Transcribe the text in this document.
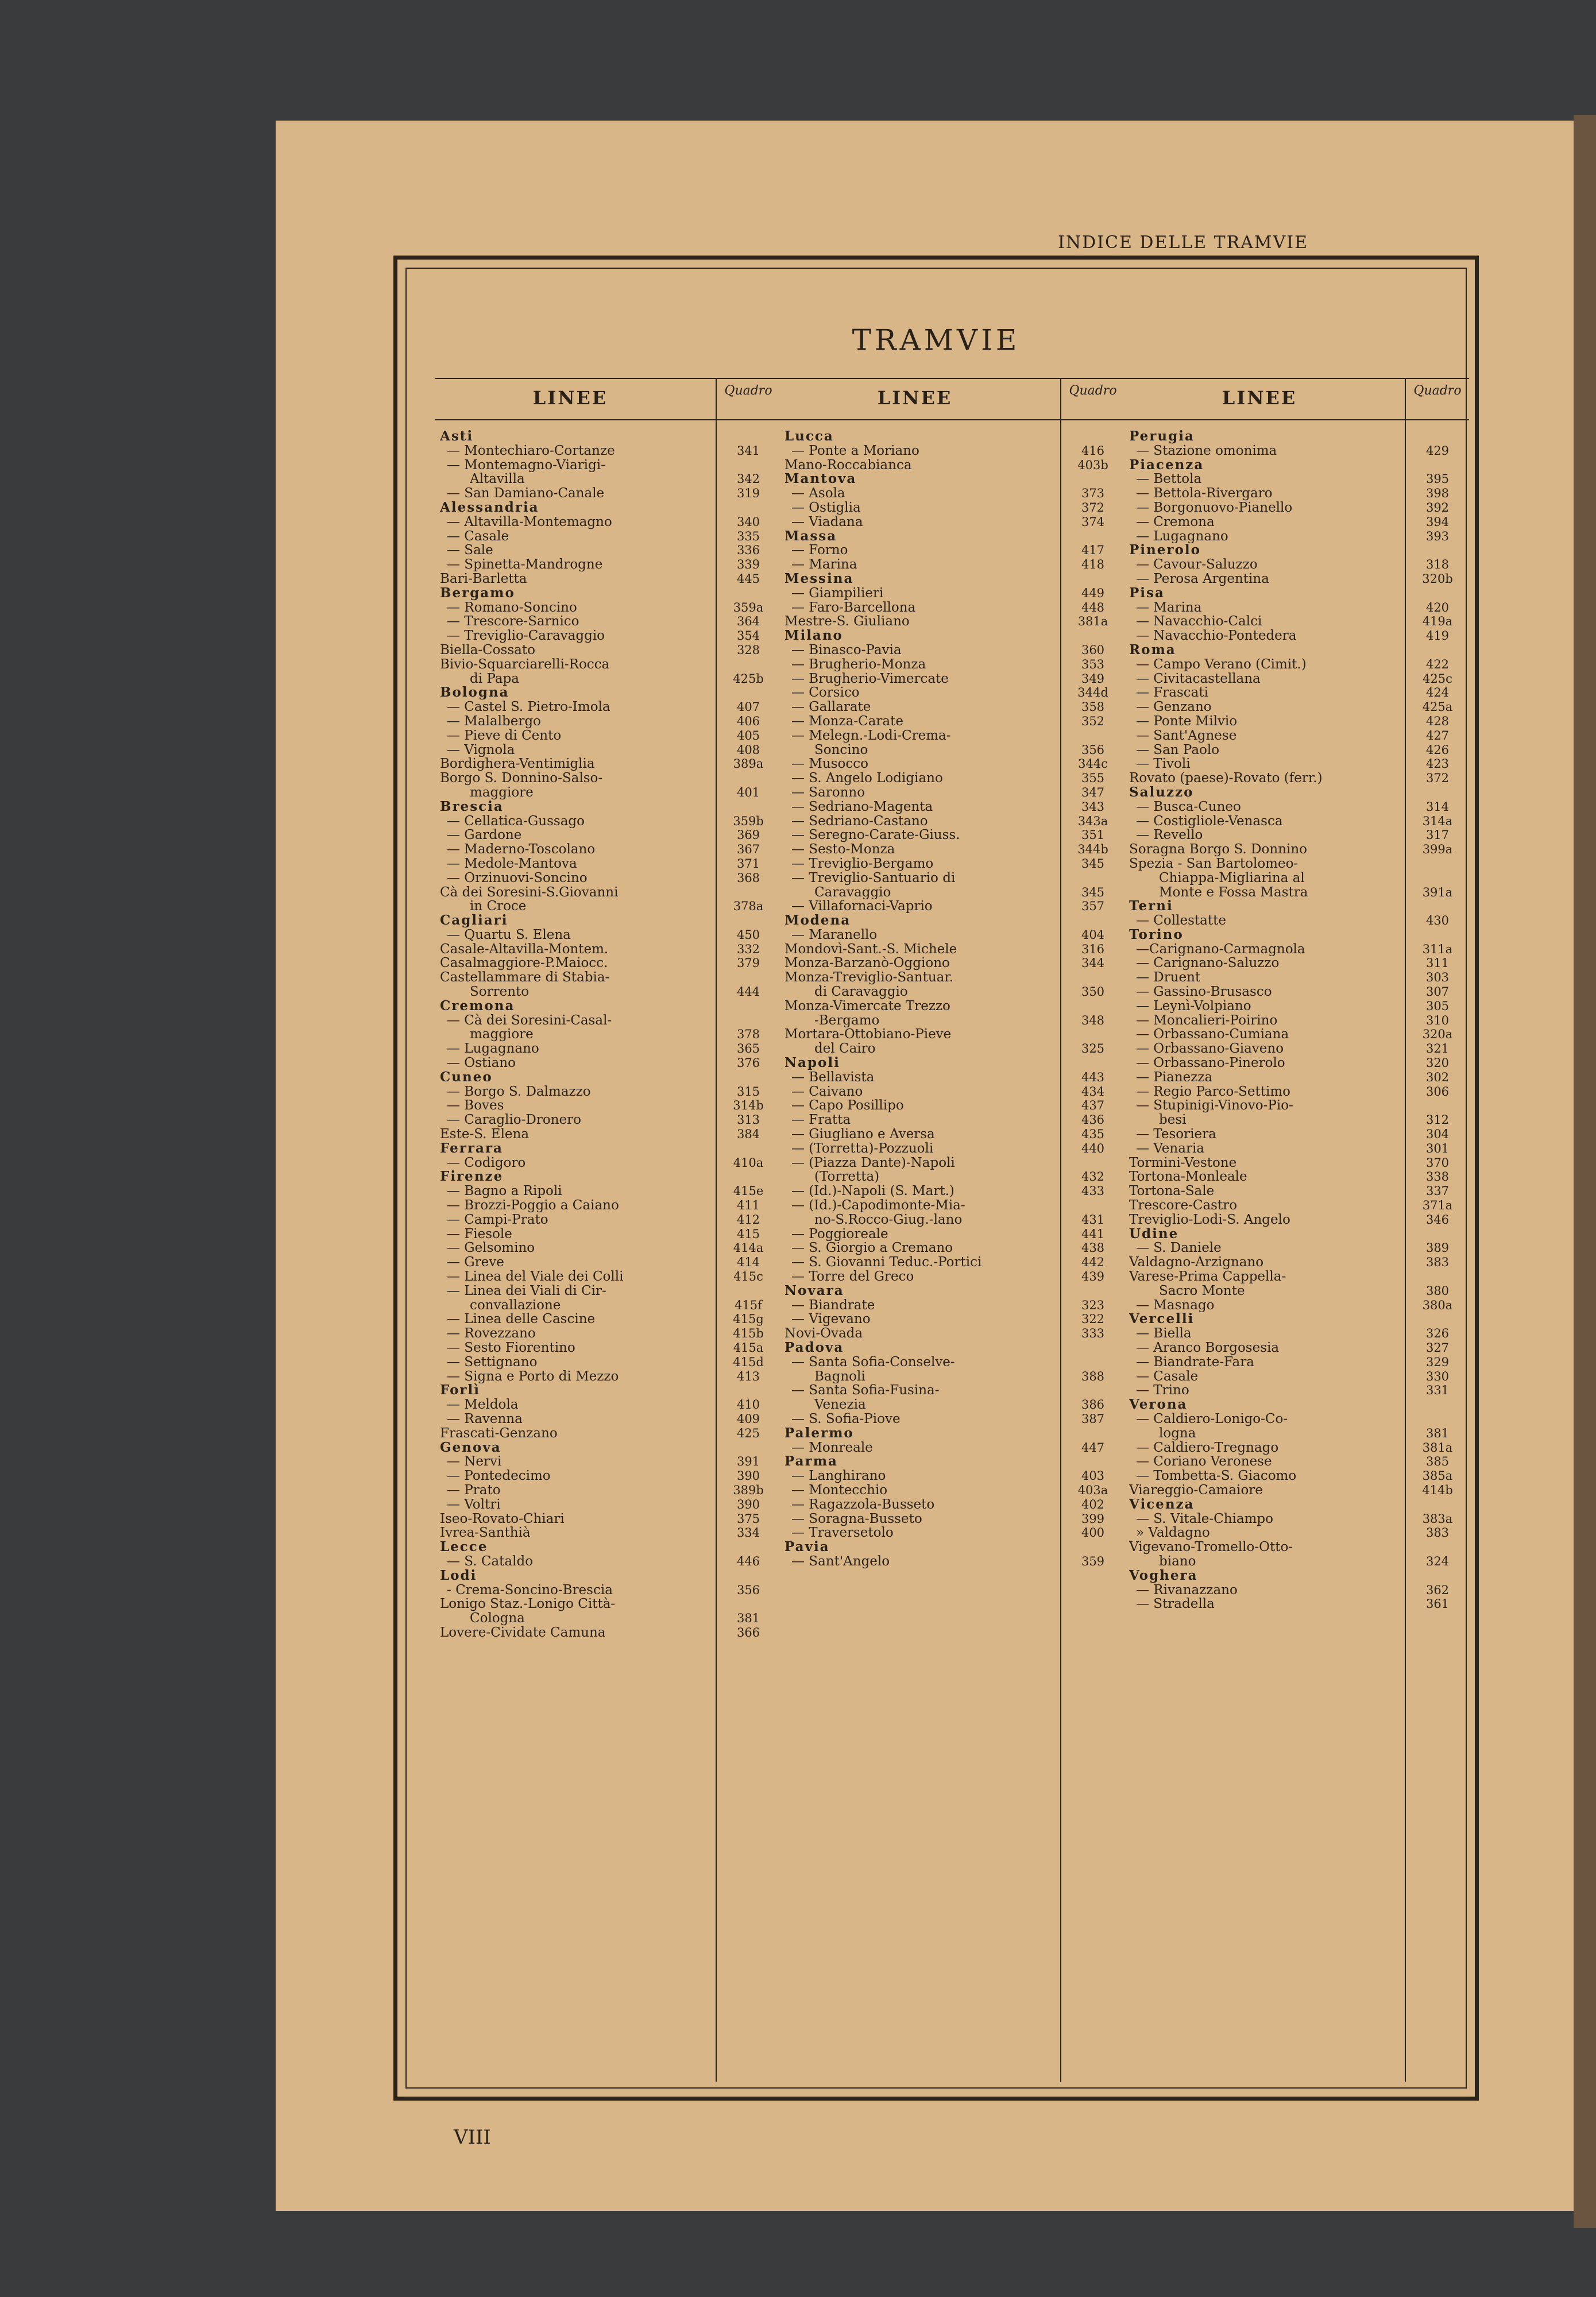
INDICE DELLE TRAMVIE
TRAMVIE
LINEE	Quadro
Asti
— Montechiaro-Cortanze	341
— Montemagno-Viarigi-
Altavilla	342
— San Damiano-Canale	319
Alessandria
— Altavilla-Montemagno	340
— Casale	335
— Sale	336
— Spinetta-Mandrogne	339
Bari-Barletta	445
Bergamo
— Romano-Soncino	359a
— Trescore-Sarnico	364
— Treviglio-Caravaggio	354
Biella-Cossato	328
Bivio-Squarciarelli-Rocca
di Papa	425b
Bologna
— Castel S. Pietro-Imola	407
— Malalbergo	406
— Pieve di Cento	405
— Vignola	408
Bordighera-Ventimiglia	389a
Borgo S. Donnino-Salso-
maggiore	401
Brescia
— Cellatica-Gussago	359b
— Gardone	369
— Maderno-Toscolano	367
— Medole-Mantova	371
— Orzinuovi-Soncino	368
Cà dei Soresini-S.Giovanni
in Croce	378a
Cagliari
— Quartu S. Elena	450
Casale-Altavilla-Montem.	332
Casalmaggiore-P.Maiocc.	379
Castellammare di Stabia-
Sorrento	444
Cremona
— Cà dei Soresini-Casal-
maggiore	378
— Lugagnano	365
— Ostiano	376
Cuneo
— Borgo S. Dalmazzo	315
— Boves	314b
— Caraglio-Dronero	313
Este-S. Elena	384
Ferrara
— Codigoro	410a
Firenze
— Bagno a Ripoli	415e
— Brozzi-Poggio a Caiano	411
— Campi-Prato	412
— Fiesole	415
— Gelsomino	414a
— Greve	414
— Linea del Viale dei Colli	415c
— Linea dei Viali di Cir-
convallazione	415f
— Linea delle Cascine	415g
— Rovezzano	415b
— Sesto Fiorentino	415a
— Settignano	415d
— Signa e Porto di Mezzo	413
Forlì
— Meldola	410
— Ravenna	409
Frascati-Genzano	425
Genova
— Nervi	391
— Pontedecimo	390
— Prato	389b
— Voltri	390
Iseo-Rovato-Chiari	375
Ivrea-Santhià	334
Lecce
— S. Cataldo	446
Lodi
- Crema-Soncino-Brescia	356
Lonigo Staz.-Lonigo Città-
Cologna	381
Lovere-Cividate Camuna	366
LINEE	Quadro
Lucca
— Ponte a Moriano	416
Mano-Roccabianca	403b
Mantova
— Asola	373
— Ostiglia	372
— Viadana	374
Massa
— Forno	417
— Marina	418
Messina
— Giampilieri	449
— Faro-Barcellona	448
Mestre-S. Giuliano	381a
Milano
— Binasco-Pavia	360
— Brugherio-Monza	353
— Brugherio-Vimercate	349
— Corsico	344d
— Gallarate	358
— Monza-Carate	352
— Melegn.-Lodi-Crema-
Soncino	356
— Musocco	344c
— S. Angelo Lodigiano	355
— Saronno	347
— Sedriano-Magenta	343
— Sedriano-Castano	343a
— Seregno-Carate-Giuss.	351
— Sesto-Monza	344b
— Treviglio-Bergamo	345
— Treviglio-Santuario di
Caravaggio	345
— Villafornaci-Vaprio	357
Modena
— Maranello	404
Mondovì-Sant.-S. Michele	316
Monza-Barzanò-Oggiono	344
Monza-Treviglio-Santuar.
di Caravaggio	350
Monza-Vimercate Trezzo
-Bergamo	348
Mortara-Ottobiano-Pieve
del Cairo	325
Napoli
— Bellavista	443
— Caivano	434
— Capo Posillipo	437
— Fratta	436
— Giugliano e Aversa	435
— (Torretta)-Pozzuoli	440
— (Piazza Dante)-Napoli
(Torretta)	432
— (Id.)-Napoli (S. Mart.)	433
— (Id.)-Capodimonte-Mia-
no-S.Rocco-Giug.-lano	431
— Poggioreale	441
— S. Giorgio a Cremano	438
— S. Giovanni Teduc.-Portici	442
— Torre del Greco	439
Novara
— Biandrate	323
— Vigevano	322
Novi-Ovada	333
Padova
— Santa Sofia-Conselve-
Bagnoli	388
— Santa Sofia-Fusina-
Venezia	386
— S. Sofia-Piove	387
Palermo
— Monreale	447
Parma
— Langhirano	403
— Montecchio	403a
— Ragazzola-Busseto	402
— Soragna-Busseto	399
— Traversetolo	400
Pavia
— Sant'Angelo	359
LINEE	Quadro
Perugia
— Stazione omonima	429
Piacenza
— Bettola	395
— Bettola-Rivergaro	398
— Borgonuovo-Pianello	392
— Cremona	394
— Lugagnano	393
Pinerolo
— Cavour-Saluzzo	318
— Perosa Argentina	320b
Pisa
— Marina	420
— Navacchio-Calci	419a
— Navacchio-Pontedera	419
Roma
— Campo Verano (Cimit.)	422
— Civitacastellana	425c
— Frascati	424
— Genzano	425a
— Ponte Milvio	428
— Sant'Agnese	427
— San Paolo	426
— Tivoli	423
Rovato (paese)-Rovato (ferr.)	372
Saluzzo
— Busca-Cuneo	314
— Costigliole-Venasca	314a
— Revello	317
Soragna Borgo S. Donnino	399a
Spezia - San Bartolomeo-
Chiappa-Migliarina al
Monte e Fossa Mastra	391a
Terni
— Collestatte	430
Torino
—Carignano-Carmagnola	311a
— Carignano-Saluzzo	311
— Druent	303
— Gassino-Brusasco	307
— Leynì-Volpiano	305
— Moncalieri-Poirino	310
— Orbassano-Cumiana	320a
— Orbassano-Giaveno	321
— Orbassano-Pinerolo	320
— Pianezza	302
— Regio Parco-Settimo	306
— Stupinigi-Vinovo-Pio-
besi	312
— Tesoriera	304
— Venaria	301
Tormini-Vestone	370
Tortona-Monleale	338
Tortona-Sale	337
Trescore-Castro	371a
Treviglio-Lodi-S. Angelo	346
Udine
— S. Daniele	389
Valdagno-Arzignano	383
Varese-Prima Cappella-
Sacro Monte	380
— Masnago	380a
Vercelli
— Biella	326
— Aranco Borgosesia	327
— Biandrate-Fara	329
— Casale	330
— Trino	331
Verona
— Caldiero-Lonigo-Co-
logna	381
— Caldiero-Tregnago	381a
— Coriano Veronese	385
— Tombetta-S. Giacomo	385a
Viareggio-Camaiore	414b
Vicenza
— S. Vitale-Chiampo	383a
» Valdagno	383
Vigevano-Tromello-Otto-
biano	324
Voghera
— Rivanazzano	362
— Stradella	361
VIII
